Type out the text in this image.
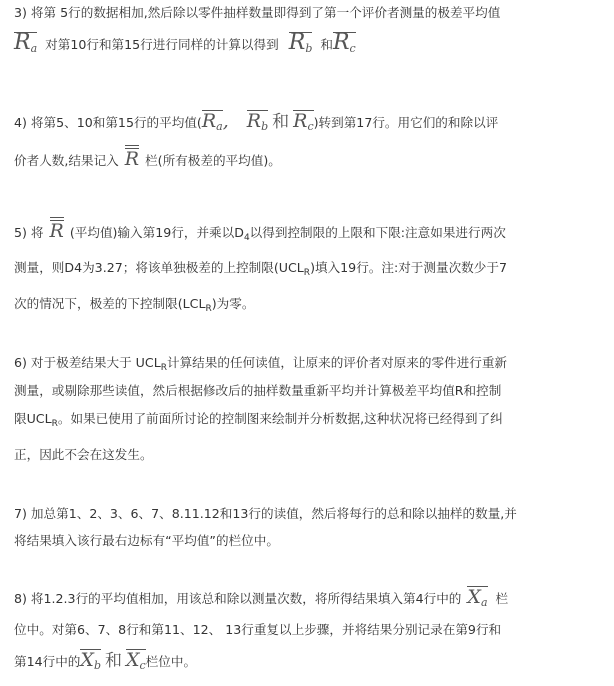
3) 将第 5行的数据相加,然后除以零件抽样数量即得到了第一个评价者测量的极差平均值
$R_a$ 对第10行和第15行进行同样的计算以得到 $R_b$ 和
$R_c$
4) 将第5、10和第15行的平均值(
$R_a$, $R_b$ 和 $R_c$)转到第17行。用它们的和除以评
价者人数,结果记入 R 栏(所有极差的平均值)。
5) 将 R (平均值)输入第19行，并乘以$D_4$以得到控制限的上限和下限:注意如果进行两次
测量，则D4为3.27；将该单独极差的上控制限$(UCL_R)$填入19行。注:对于测量次数少于7
次的情况下，极差的下控制限$(LCL_R)$为零。
6) 对于极差结果大于 $UCL_R$计算结果的任何读值，让原来的评价者对原来的零件进行重新
测量，或剔除那些读值，然后根据修改后的抽样数量重新平均并计算极差平均值R和控制
限$UCL_R$。如果已使用了前面所讨论的控制图来绘制并分析数据,这种状况将已经得到了纠
正，因此不会在这发生。
7) 加总第1、2、3、6、7、8.11.12和13行的读值，然后将每行的总和除以抽样的数量,并
将结果填入该行最右边标有“平均值”的栏位中。
8) 将1.2.3行的平均值相加，用该总和除以测量次数，将所得结果填入第4行中的 $X_a$ 栏
位中。对第6、7、8行和第11、12、 13行重复以上步骤，并将结果分别记录在第9行和
第14行中的
$X_b$ 和 $X_c$栏位中。
